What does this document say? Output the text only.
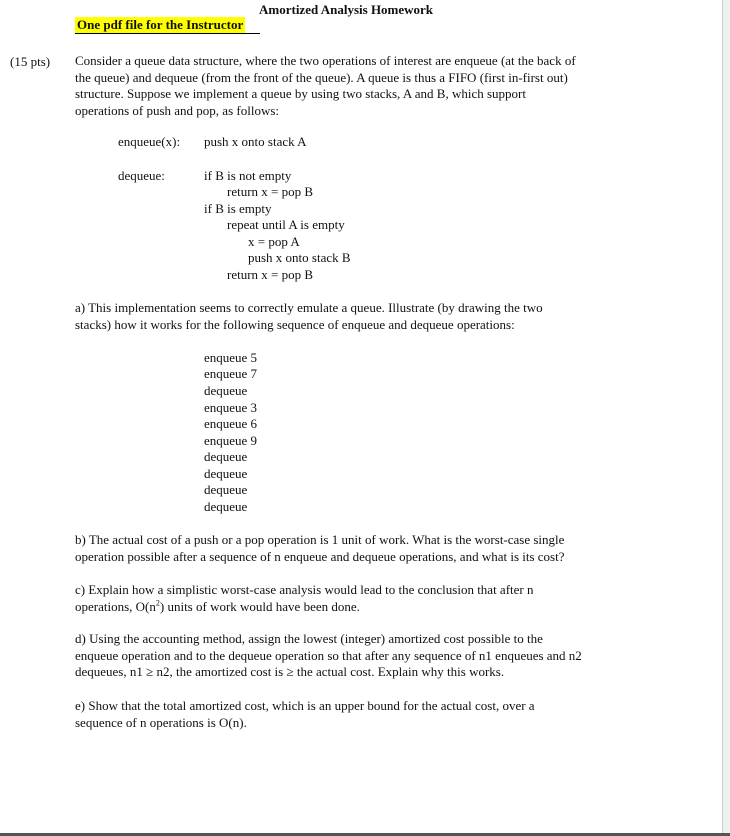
Amortized Analysis Homework
One pdf file for the Instructor
(15 pts) Consider a queue data structure, where the two operations of interest are enqueue (at the back of
the queue) and dequeue (from the front of the queue). A queue is thus a FIFO (first in-first out)
structure. Suppose we implement a queue by using two stacks, A and B, which support
operations of push and pop, as follows:
enqueue(x): push x onto stack A
dequeue:	if B is not empty
return x = pop B
if B is empty
repeat until A is empty
x = pop A
push x onto stack B
return x = pop B
a) This implementation seems to correctly emulate a queue. Illustrate (by drawing the two
stacks) how it works for the following sequence of enqueue and dequeue operations:
enqueue 5
enqueue 7
dequeue
enqueue 3
enqueue 6
enqueue 9
dequeue
dequeue
dequeue
dequeue
b) The actual cost of a push or a pop operation is 1 unit of work. What is the worst-case single
operation possible after a sequence of n enqueue and dequeue operations, and what is its cost?
c) Explain how a simplistic worst-case analysis would lead to the conclusion that after n
operations, $O(n^2)$ units of work would have been done.
d) Using the accounting method, assign the lowest (integer) amortized cost possible to the
enqueue operation and to the dequeue operation so that after any sequence of n1 enqueues and n2
dequeues, n1 ≥ n2, the amortized cost is ≥ the actual cost. Explain why this works.
e) Show that the total amortized cost, which is an upper bound for the actual cost, over a
sequence of n operations is O(n).
